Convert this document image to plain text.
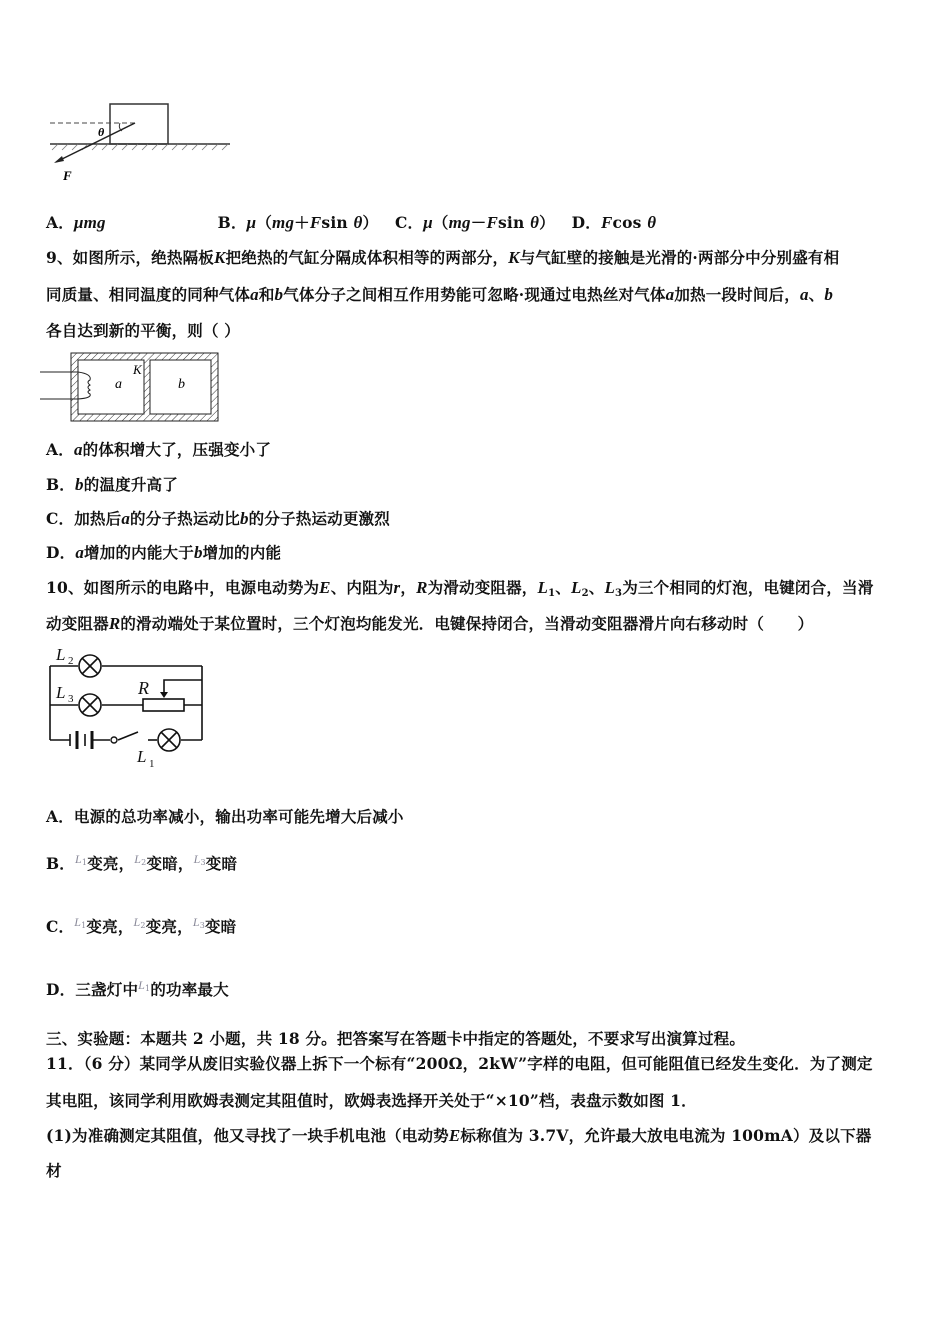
θ
F
a
K
b
L 2
L 3
R
L 1
A．μmg                    B．μ（mg＋Fsin θ）   C．μ（mg－Fsin θ）   D．Fcos θ
9、如图所示，绝热隔板K把绝热的气缸分隔成体积相等的两部分，K与气缸壁的接触是光滑的·两部分中分别盛有相
同质量、相同温度的同种气体a和b气体分子之间相互作用势能可忽略·现通过电热丝对气体a加热一段时间后，a、b
各自达到新的平衡，则（ ）
A．a的体积增大了，压强变小了
B．b的温度升高了
C．加热后a的分子热运动比b的分子热运动更激烈
D．a增加的内能大于b增加的内能
10、如图所示的电路中，电源电动势为E、内阻为r，R为滑动变阻器，$L_1$、$L_2$、$L_3$为三个相同的灯泡，电键闭合，当滑
动变阻器R的滑动端处于某位置时，三个灯泡均能发光．电键保持闭合，当滑动变阻器滑片向右移动时（      ）
A．电源的总功率减小，输出功率可能先增大后减小
B．$^{L1}$变亮，$^{L2}$变暗，$^{L3}$变暗
C．$^{L1}$变亮，$^{L2}$变亮，$^{L3}$变暗
D．三盏灯中$^{L1}$的功率最大
三、实验题：本题共 2 小题，共 18 分。把答案写在答题卡中指定的答题处，不要求写出演算过程。
11．（6 分）某同学从废旧实验仪器上拆下一个标有“200Ω，2kW”字样的电阻，但可能阻值已经发生变化．为了测定
其电阻，该同学利用欧姆表测定其阻值时，欧姆表选择开关处于“×10”档，表盘示数如图 1．
(1)为准确测定其阻值，他又寻找了一块手机电池（电动势E标称值为 3.7V，允许最大放电电流为 100mA）及以下器
材
